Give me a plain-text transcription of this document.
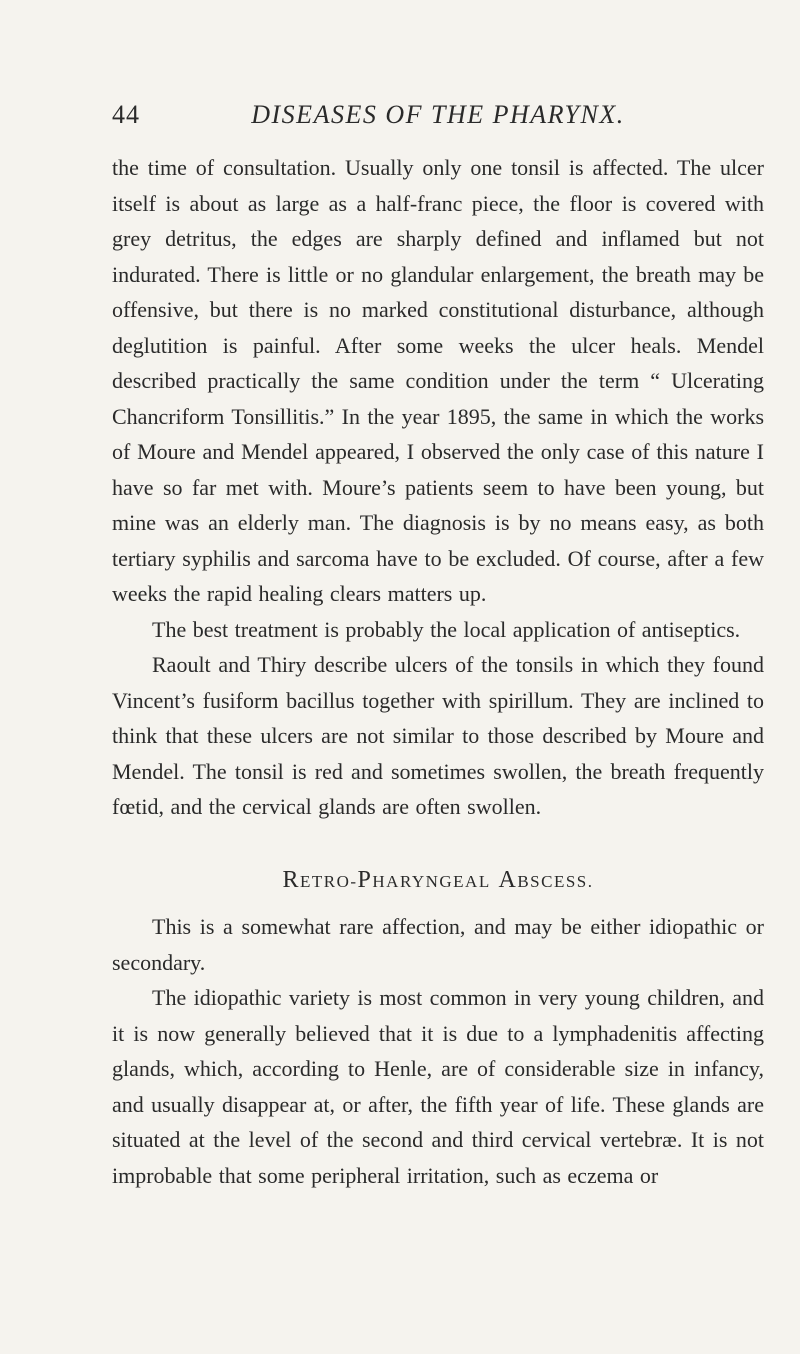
44	DISEASES OF THE PHARYNX.

the time of consultation. Usually only one tonsil is affected. The ulcer itself is about as large as a half-franc piece, the floor is covered with grey detritus, the edges are sharply defined and inflamed but not indurated. There is little or no glandular enlargement, the breath may be offensive, but there is no marked constitutional disturbance, although deglutition is painful. After some weeks the ulcer heals. Mendel described practically the same condition under the term “ Ulcerating Chancriform Tonsillitis.” In the year 1895, the same in which the works of Moure and Mendel appeared, I observed the only case of this nature I have so far met with. Moure’s patients seem to have been young, but mine was an elderly man. The diagnosis is by no means easy, as both tertiary syphilis and sarcoma have to be excluded. Of course, after a few weeks the rapid healing clears matters up.

The best treatment is probably the local application of antiseptics.

Raoult and Thiry describe ulcers of the tonsils in which they found Vincent’s fusiform bacillus together with spirillum. They are inclined to think that these ulcers are not similar to those described by Moure and Mendel. The tonsil is red and sometimes swollen, the breath frequently fœtid, and the cervical glands are often swollen.

RETRO-PHARYNGEAL ABSCESS.

This is a somewhat rare affection, and may be either idiopathic or secondary.

The idiopathic variety is most common in very young children, and it is now generally believed that it is due to a lymphadenitis affecting glands, which, according to Henle, are of considerable size in infancy, and usually disappear at, or after, the fifth year of life. These glands are situated at the level of the second and third cervical vertebræ. It is not improbable that some peripheral irritation, such as eczema or
